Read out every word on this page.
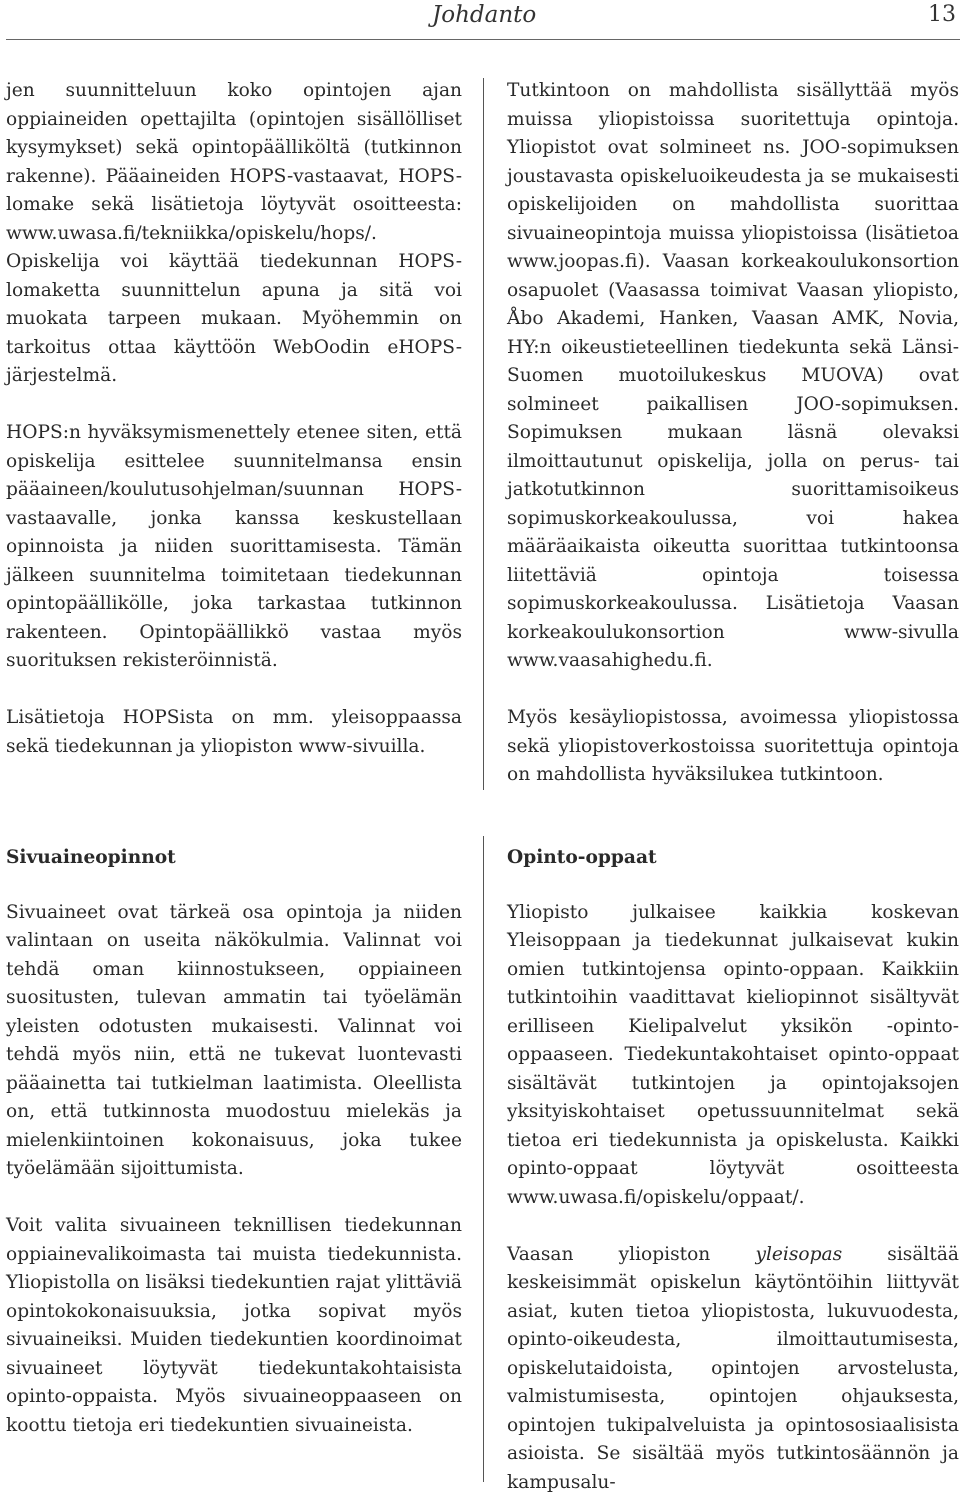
Johdanto	13

jen suunnitteluun koko opintojen ajan oppiaineiden opettajilta (opintojen sisällölliset kysymykset) sekä opintopäälliköltä (tutkinnon rakenne). Pääaineiden HOPS-vastaavat, HOPS-lomake sekä lisätietoja löytyvät osoitteesta: www.uwasa.fi/tekniikka/opiskelu/hops/. Opiskelija voi käyttää tiedekunnan HOPS-lomaketta suunnittelun apuna ja sitä voi muokata tarpeen mukaan. Myöhemmin on tarkoitus ottaa käyttöön WebOodin eHOPS-järjestelmä.

HOPS:n hyväksymismenettely etenee siten, että opiskelija esittelee suunnitelmansa ensin pääaineen/koulutusohjelman/suunnan HOPS-vastaavalle, jonka kanssa keskustellaan opinnoista ja niiden suorittamisesta. Tämän jälkeen suunnitelma toimitetaan tiedekunnan opintopäällikölle, joka tarkastaa tutkinnon rakenteen. Opintopäällikkö vastaa myös suorituksen rekisteröinnistä.

Lisätietoja HOPSista on mm. yleisoppaassa sekä tiedekunnan ja yliopiston www-sivuilla.

Tutkintoon on mahdollista sisällyttää myös muissa yliopistoissa suoritettuja opintoja. Yliopistot ovat solmineet ns. JOO-sopimuksen joustavasta opiskeluoikeudesta ja se mukaisesti opiskelijoiden on mahdollista suorittaa sivuaineopintoja muissa yliopistoissa (lisätietoa www.joopas.fi). Vaasan korkeakoulukonsortion osapuolet (Vaasassa toimivat Vaasan yliopisto, Åbo Akademi, Hanken, Vaasan AMK, Novia, HY:n oikeustieteellinen tiedekunta sekä Länsi-Suomen muotoilukeskus MUOVA) ovat solmineet paikallisen JOO-sopimuksen. Sopimuksen mukaan läsnä olevaksi ilmoittautunut opiskelija, jolla on perus- tai jatkotutkinnon suorittamisoikeus sopimuskorkeakoulussa, voi hakea määräaikaista oikeutta suorittaa tutkintoonsa liitettäviä opintoja toisessa sopimuskorkeakoulussa. Lisätietoja Vaasan korkeakoulukonsortion www-sivulla www.vaasahighedu.fi.

Myös kesäyliopistossa, avoimessa yliopistossa sekä yliopistoverkostoissa suoritettuja opintoja on mahdollista hyväksilukea tutkintoon.

Sivuaineopinnot

Sivuaineet ovat tärkeä osa opintoja ja niiden valintaan on useita näkökulmia. Valinnat voi tehdä oman kiinnostukseen, oppiaineen suositusten, tulevan ammatin tai työelämän yleisten odotusten mukaisesti. Valinnat voi tehdä myös niin, että ne tukevat luontevasti pääainetta tai tutkielman laatimista. Oleellista on, että tutkinnosta muodostuu mielekäs ja mielenkiintoinen kokonaisuus, joka tukee työelämään sijoittumista.

Voit valita sivuaineen teknillisen tiedekunnan oppiainevalikoimasta tai muista tiedekunnista. Yliopistolla on lisäksi tiedekuntien rajat ylittäviä opintokokonaisuuksia, jotka sopivat myös sivuaineiksi. Muiden tiedekuntien koordinoimat sivuaineet löytyvät tiedekuntakohtaisista opinto-oppaista. Myös sivuaineoppaaseen on koottu tietoja eri tiedekuntien sivuaineista.

Opinto-oppaat

Yliopisto julkaisee kaikkia koskevan Yleisoppaan ja tiedekunnat julkaisevat kukin omien tutkintojensa opinto-oppaan. Kaikkiin tutkintoihin vaadittavat kieliopinnot sisältyvät erilliseen Kielipalvelut yksikön -opinto-oppaaseen. Tiedekuntakohtaiset opinto-oppaat sisältävät tutkintojen ja opintojaksojen yksityiskohtaiset opetussuunnitelmat sekä tietoa eri tiedekunnista ja opiskelusta. Kaikki opinto-oppaat löytyvät osoitteesta www.uwasa.fi/opiskelu/oppaat/.

Vaasan yliopiston yleisopas sisältää keskeisimmät opiskelun käytöntöihin liittyvät asiat, kuten tietoa yliopistosta, lukuvuodesta, opinto-oikeudesta, ilmoittautumisesta, opiskelutaidoista, opintojen arvostelusta, valmistumisesta, opintojen ohjauksesta, opintojen tukipalveluista ja opintososiaalisista asioista. Se sisältää myös tutkintosäännön ja kampusalu-
